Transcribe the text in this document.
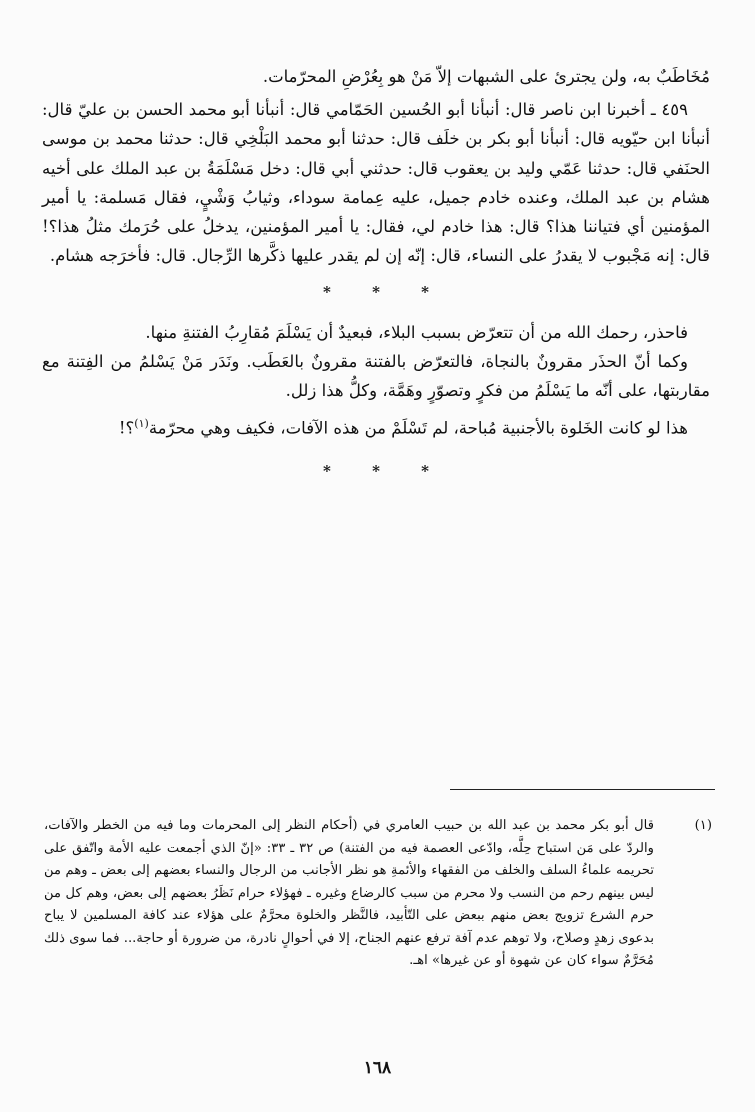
مُخَاطَبٌ به، ولن يجترئ على الشبهات إلاّ مَنْ هو بِعُرْضِ المحرّمات.

٤٥٩ ـ أخبرنا ابن ناصر قال: أنبأنا أبو الحُسين الحَمّامي قال: أنبأنا أبو محمد الحسن بن عليّ قال: أنبأنا ابن حيّويه قال: أنبأنا أبو بكر بن خلَف قال: حدثنا أبو محمد البَلْخِي قال: حدثنا محمد بن موسى الحنَفي قال: حدثنا عَمّي وليد بن يعقوب قال: حدثني أبي قال: دخل مَسْلَمَةُ بن عبد الملك على أخيه هشام بن عبد الملك، وعنده خادم جميل، عليه عِمامة سوداء، وثيابُ وَشْيٍ، فقال مَسلمة: يا أمير المؤمنين أي فتياننا هذا؟ قال: هذا خادم لي، فقال: يا أمير المؤمنين، يدخلُ على حُرَمك مثلُ هذا؟! قال: إنه مَجْبوب لا يقدرُ على النساء، قال: إنّه إن لم يقدر عليها ذكَّرها الرِّجال. قال: فأخرَجه هشام.

* * *

فاحذر، رحمك الله من أن تتعرّض بسبب البلاء، فبعيدٌ أن يَسْلَمَ مُقارِبُ الفتنةِ منها.

وكما أنّ الحذَر مقرونٌ بالنجاة، فالتعرّض بالفتنة مقرونٌ بالعَطَب. ونَدَر مَنْ يَسْلمُ من الفِتنة مع مقاربتها، على أنّه ما يَسْلَمُ من فكرٍ وتصوّرٍ وهَمَّة، وكلُّ هذا زلل.

هذا لو كانت الخَلوة بالأجنبية مُباحة، لم تَسْلَمْ من هذه الآفات، فكيف وهي محرّمة$^{(١)}$؟!

* * *

(١)
قال أبو بكر محمد بن عبد الله بن حبيب العامري في (أحكام النظر إلى المحرمات وما فيه من الخطر والآفات، والردّ على مَن استباح حِلَّه، وادّعى العصمة فيه من الفتنة) ص ٣٢ ـ ٣٣: «إنّ الذي أجمعت عليه الأمة واتّفق على تحريمه علماءُ السلف والخلف من الفقهاء والأئمةِ هو نظر الأجانب من الرجال والنساء بعضهم إلى بعض ـ وهم من ليس بينهم رحم من النسب ولا محرم من سبب كالرضاع وغيره ـ فهؤلاء حرام نَظَرُ بعضهم إلى بعض، وهم كل من حرم الشرع تزويج بعض منهم ببعض على التّأبيد، فالنَّظر والخلوة محرَّمٌ على هؤلاء عند كافة المسلمين لا يباح بدعوى زهدٍ وصلاح، ولا توهم عدم آفة ترفع عنهم الجناح، إلا في أحوالٍ نادرة، من ضرورة أو حاجة... فما سوى ذلك مُحَرَّمٌ سواء كان عن شهوة أو عن غيرها» اهـ.
١٦٨
